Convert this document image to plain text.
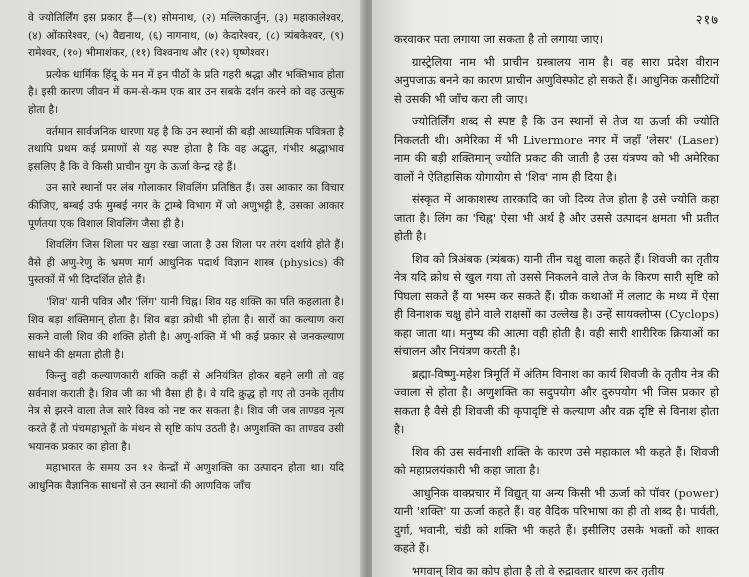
वे ज्योतिर्लिंग इस प्रकार हैं—(१) सोमनाथ, (२) मल्लिकार्जुन, (३) महाकालेश्वर, (४) ओंकारेश्वर, (५) वैद्यनाथ, (६) नागनाथ, (७) केदारेश्वर, (८) त्र्यंबकेश्वर, (९) रामेश्वर, (१०) भीमाशंकर, (११) विश्वनाथ और (१२) घृष्णेश्वर।

प्रत्येक धार्मिक हिंदू के मन में इन पीठों के प्रति गहरी श्रद्धा और भक्तिभाव होता है। इसी कारण जीवन में कम-से-कम एक बार उन सबके दर्शन करने को वह उत्सुक होता है।

वर्तमान सार्वजनिक धारणा यह है कि उन स्थानों की बड़ी आध्यात्मिक पवित्रता है तथापि प्रथम कई प्रमाणों से यह स्पष्ट होता है कि वह अद्भुत, गंभीर श्रद्धाभाव इसलिए है कि वे किसी प्राचीन युग के ऊर्जा केन्द्र रहे हैं।

उन सारे स्थानों पर लंब गोलाकार शिवलिंग प्रतिष्ठित हैं। उस आकार का विचार कीजिए, बम्बई उर्फ मुम्बई नगर के ट्राम्बे विभाग में जो अणुभट्टी है, उसका आकार पूर्णतया एक विशाल शिवलिंग जैसा ही है।

शिवलिंग जिस शिला पर खड़ा रखा जाता है उस शिला पर तरंग दर्शाये होते हैं। वैसे ही अणु-रेणु के भ्रमण मार्ग आधुनिक पदार्थ विज्ञान शास्त्र (physics) की पुस्तकों में भी दिग्दर्शित होते हैं।

'शिव' यानी पवित्र और 'लिंग' यानी चिह्न। शिव यह शक्ति का पति कहलाता है। शिव बड़ा शक्तिमान् होता है। शिव बड़ा क्रोधी भी होता है। सारों का कल्याण करा सकने वाली शिव की शक्ति होती है। अणु-शक्ति में भी कई प्रकार से जनकल्याण साधने की क्षमता होती है।

किन्तु वही कल्याणकारी शक्ति कहीं से अनियंत्रित होकर बहने लगी तो वह सर्वनाश कराती है। शिव जी का भी वैसा ही है। वे यदि क्रुद्ध हो गए तो उनके तृतीय नेत्र से झरने वाला तेज सारे विश्व को नष्ट कर सकता है। शिव जी जब ताण्डव नृत्य करते हैं तो पंचमहाभूतों के मंथन से सृष्टि कांप उठती है। अणुशक्ति का ताण्डव उसी भयानक प्रकार का होता है।

महाभारत के समय उन १२ केन्द्रों में अणुशक्ति का उत्पादन होता था। यदि आधुनिक वैज्ञानिक साधनों से उन स्थानों की आणविक जाँच

२१७

करवाकर पता लगाया जा सकता है तो लगाया जाए।

ग्रास्ट्रेलिया नाम भी प्राचीन ग्रस्त्रालय नाम है। वह सारा प्रदेश वीरान अनुपजाऊ बनने का कारण प्राचीन अणुविस्फोट हो सकते हैं। आधुनिक कसौटियों से उसकी भी जाँच करा ली जाए।

ज्योतिर्लिंग शब्द से स्पष्ट है कि उन स्थानों से तेज या ऊर्जा की ज्योति निकलती थी। अमेरिका में भी Livermore नगर में जहाँ 'लेसर' (Laser) नाम की बड़ी शक्तिमान् ज्योति प्रकट की जाती है उस यंत्रण्य को भी अमेरिका वालों ने ऐतिहासिक योगायोग से 'शिव' नाम ही दिया है।

संस्कृत में आकाशस्थ तारकादि का जो दिव्य तेज होता है उसे ज्योति कहा जाता है। लिंग का 'चिह्न' ऐसा भी अर्थ है और उससे उत्पादन क्षमता भी प्रतीत होती है।

शिव को त्रिअंबक (त्र्यंबक) यानी तीन चक्षु वाला कहते हैं। शिवजी का तृतीय नेत्र यदि क्रोध से खुल गया तो उससे निकलने वाले तेज के किरण सारी सृष्टि को पिघला सकते हैं या भस्म कर सकते हैं। ग्रीक कथाओं में ललाट के मध्य में ऐसा ही विनाशक चक्षु होने वाले राक्षसों का उल्लेख है। उन्हें सायक्लोप्स (Cyclops) कहा जाता था। मनुष्य की आत्मा वही होती है। वही सारी शारीरिक क्रियाओं का संचालन और नियंत्रण करती है।

ब्रह्मा-विष्णु-महेश त्रिमूर्ति में अंतिम विनाश का कार्य शिवजी के तृतीय नेत्र की ज्वाला से होता है। अणुशक्ति का सदुपयोग और दुरुपयोग भी जिस प्रकार हो सकता है वैसे ही शिवजी की कृपादृष्टि से कल्याण और वक्र दृष्टि से विनाश होता है।

शिव की उस सर्वनाशी शक्ति के कारण उसे महाकाल भी कहते हैं। शिवजी को महाप्रलयंकारी भी कहा जाता है।

आधुनिक वाक्प्रचार में विद्युत् या अन्य किसी भी ऊर्जा को पॉवर (power) यानी 'शक्ति' या ऊर्जा कहते हैं। वह वैदिक परिभाषा का ही तो शब्द है। पार्वती, दुर्गा, भवानी, चंडी को शक्ति भी कहते हैं। इसीलिए उसके भक्तों को शाक्त कहते हैं।

भगवान् शिव का कोप होता है तो वे रुद्रावतार धारण कर तृतीय
